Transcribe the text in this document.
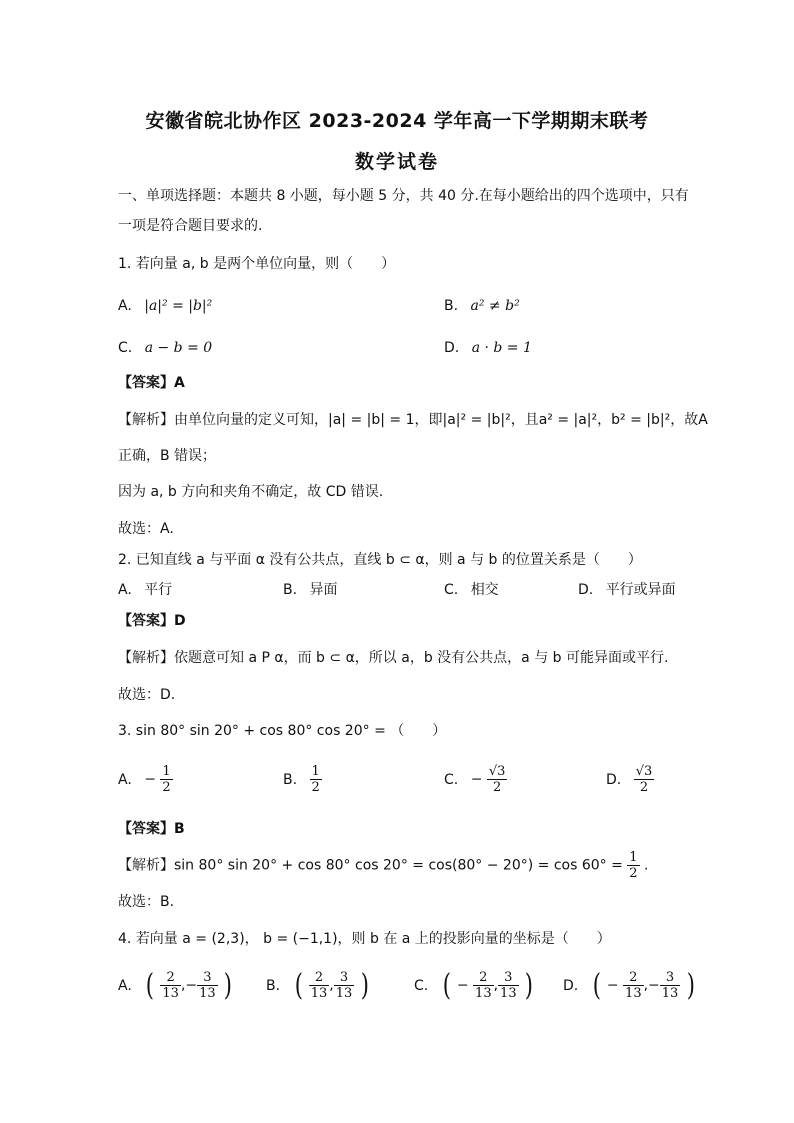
安徽省皖北协作区 2023-2024 学年高一下学期期末联考
数学试卷
一、单项选择题：本题共 8 小题，每小题 5 分，共 40 分.在每小题给出的四个选项中，只有
一项是符合题目要求的.
1. 若向量 a, b 是两个单位向量，则（　　）
A. |a|² = |b|²	B. a² ≠ b²
C. a − b = 0	D. a · b = 1
【答案】A
【解析】由单位向量的定义可知，|a| = |b| = 1，即|a|² = |b|²，且a² = |a|²，b² = |b|²，故A
正确，B 错误；
因为 a, b 方向和夹角不确定，故 CD 错误.
故选：A.
2. 已知直线 a 与平面 α 没有公共点，直线 b ⊂ α，则 a 与 b 的位置关系是（　　）
A. 平行	B. 异面	C. 相交	D. 平行或异面
【答案】D
【解析】依题意可知 a P α，而 b ⊂ α，所以 a，b 没有公共点，a 与 b 可能异面或平行.
故选：D.
3. sin 80° sin 20° + cos 80° cos 20° = （　　）
A. − $\frac{1}{2}$	B. $\frac{1}{2}$	C. − $\frac{√3}{2}$	D. $\frac{√3}{2}$
【答案】B
【解析】sin 80° sin 20° + cos 80° $\cos 20^\circ = \cos(80^\circ - 20^\circ) = \cos 60^\circ = \frac{1}{2}$ .
故选：B.
4. 若向量 a = (2,3)， b = (−1,1)，则 b 在 a 上的投影向量的坐标是（　　）
A. ( $\frac{2}{13}$ ,− $\frac{3}{13}$ ) B. ( $\frac{2}{13}$ , $\frac{3}{13}$ )	C. ( − $\frac{2}{13}$ , $\frac{3}{13}$ ) D. ( − $\frac{2}{13}$ ,− $\frac{3}{13}$ )
